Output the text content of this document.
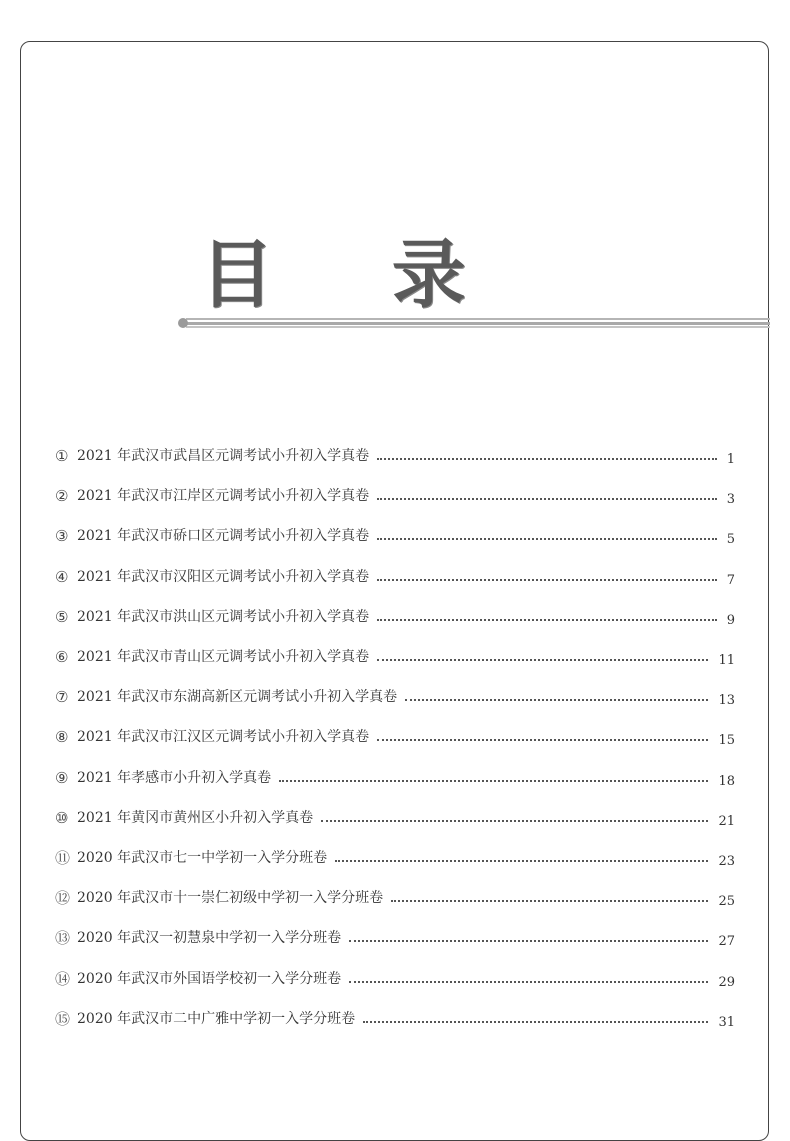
目 录
① 2021 年武汉市武昌区元调考试小升初入学真卷	1
② 2021 年武汉市江岸区元调考试小升初入学真卷	3
③ 2021 年武汉市硚口区元调考试小升初入学真卷	5
④ 2021 年武汉市汉阳区元调考试小升初入学真卷	7
⑤ 2021 年武汉市洪山区元调考试小升初入学真卷	9
⑥ 2021 年武汉市青山区元调考试小升初入学真卷	11
⑦ 2021 年武汉市东湖高新区元调考试小升初入学真卷	13
⑧ 2021 年武汉市江汉区元调考试小升初入学真卷	15
⑨ 2021 年孝感市小升初入学真卷	18
⑩ 2021 年黄冈市黄州区小升初入学真卷	21
⑪ 2020 年武汉市七一中学初一入学分班卷	23
⑫ 2020 年武汉市十一崇仁初级中学初一入学分班卷	25
⑬ 2020 年武汉一初慧泉中学初一入学分班卷	27
⑭ 2020 年武汉市外国语学校初一入学分班卷	29
⑮ 2020 年武汉市二中广雅中学初一入学分班卷	31
